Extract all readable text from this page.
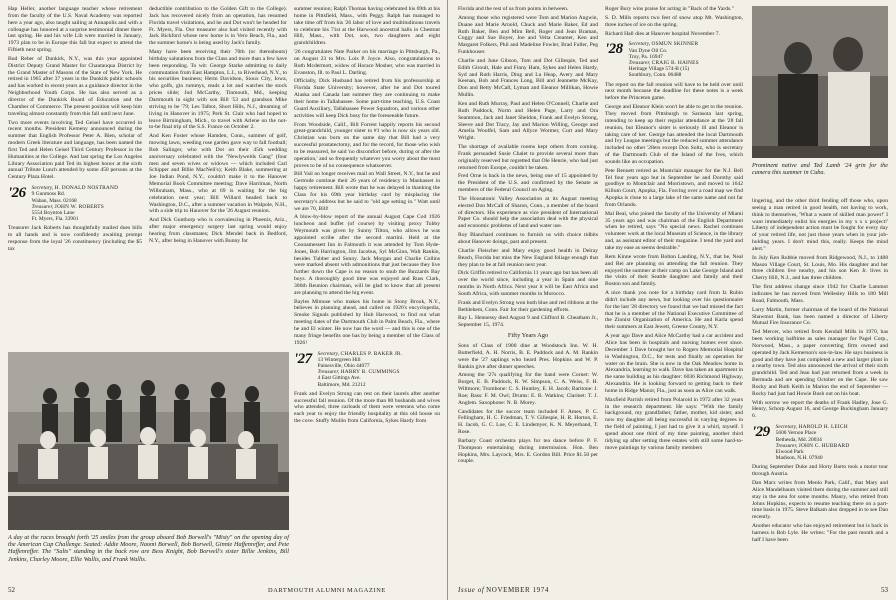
Hap Heller, another language teacher whose retirement from the faculty of the U.S. Naval Academy was reported here a year ago, also taught sailing at Annapolis and with a colleague has honored at a surprise testimonial dinner there last spring. He and his wife Lib were married in January, 1973 plan to be in Europe this fall but expect to attend the Fiftieth next spring.

Bud Reber of Dunkirk, N.Y., was this year appointed District Deputy Grand Master for Chautauqua District by the Grand Master of Masons of the State of New York. He retired in 1965 after 37 years in the Dunkirk public schools and has worked in recent years as a guidance director in the Neighborhood Youth Corps. He has also served as a director of the Dunkirk Board of Education and the Chamber of Commerce. The present position will keep him traveling almost constantly from this fall until next June.

Two more events involving Ted Geisel have occurred in recent months. President Kemeny announced during the summer that English Professor Peter A. Bien, scholar of modern Greek literature and language, has been named the first Ted and Helen Geisel Third Century Professor in the Humanities at the College. And last spring the Los Angeles Library Association paid Ted its highest honor at the sixth annual Tribute Lunch attended by some 450 persons at the Century Plaza Hotel.

'26 Secretary, H. DONALD NOSTRAND
9 Gunmoss Rd.
Waban, Mass. 02168
Treasurer, JOHN W. ROBERTS
5554 Boynton Lane
Ft. Myers, Fla. 33901

Treasurer Jack Roberts has thoughtfully mailed dues bills to all hands and is now confidently awaiting prompt response from the loyal '26 constituency (including the $5 tax

deductible contribution to the Golden Gift to the College). Jack has recovered nicely from an operation, has resumed Florida travel visitations, and he and Dot won't be headed for Ft. Myers, Fla. Our treasurer also had visited recently with Jack Bickford whose new home is in Vero Beach, Fla., and the summer home's is being used by Jack's family.

Many have been receiving their 70th (or thereabouts) birthday salutations from the Class and more than a few have been responding. To wit: George Starke admitting to daily commutation from East Hampton, L.I., to Riverhead, N.Y., to his securities business; Herm Davidson, Sioux City, Iowa, who golfs, gin rummys, reads a lot and watches the stock prices slide; Jud McCarthy, Tinmouth, Md., keeping Dartmouth in sight with son Bill '53 and grandson Mike striving to be '79; Les Talbot, Short Hills, N.J., dreaming of living in Hanover in 1975; Perk St. Clair who had hoped to leave Birmingham, Mich., to travel with Arlene on the not-to-be final trip of the S.S. France on October 2.

And Ken Foster whose Hamden, Conn., summer of golf, mowing lawn, weeding rose garden gave way to fall football; Bob Salinger, who with Dot on their 45th wedding anniversary celebrated with the "Newlywelds Gang" (four men and seven wives or widows — which included Carl Schipper and Billie MacNeil's); Keith Blake, summering at Joe Indian Pond, N.Y., couldn't make it to the Hanover Memorial Book Committee meeting; Dave Harriman, North Wilbraham, Mass., who at 69 is waiting for the big celebration next year; Bill Willard headed back to Washington, D.C., after a summer vacation in Walpole, N.H., with a side trip to Hanover for the '26 August reunion.

And Dick Gunthorp who is convalescing in Phoenix, Ariz., after major emergency surgery last spring would enjoy hearing from classmates; Dick Mendel back in Bedford, N.Y., after being in Hanover with Bunny for

summer reunion; Ralph Thomas having celebrated his 69th at his home in Pittsfield, Mass., with Peggy. Ralph has managed to take time off from his '26 labor of love and multitudinous travels to celebrate his 71st at the Harwood ancestral halls in Chestnut Hill, Mass., with Dot, son, two daughters and eight grandchildren.

'26 congratulates Nate Parker on his marriage in Pittsburgh, Pa., on August 23 to Mrs. Lois P. Joyce. Also, congratulations to Ruth Mcdermott, widow of Horace Mosher, who was married in Evanston, Ill. to Paul L. Darling.

Officially, Dick Husband has retired from his professorship at Florida State University; however, after he and Dot toured Alaska and Canada last summer they are continuing to make their home in Tallahassee. Some part-time teaching, U.S. Coast Guard Auxiliary, Tallahassee Power Squadron, and various other activities will keep Dick busy for the foreseeable future.

From Woodside, Calif., Bill Forrest happily reports his second great-grandchild, younger sister to #1 who is now six years old. Christian was born on the same day that Bill had a very successful prostatectomy, and for the record, for those who wish to be reassured, he said 'no discomfort before, during or after the operation,' and so frequently whatever you worry about the most proves to be of no consequence whatsoever.

Bill Vail no longer receives mail on Wall Street, N.Y., but he and Gertrude continue their 26 years of residency in Manhasset in happy retirement. Bill wrote that he was delayed in thanking the Class for his 69th year birthday card by misplacing the secretary's address but he said to "old age setting in." Watt until we are 70, Bill!

A blow-by-blow report of the annual August Cape Cod 1926 luncheon and buffet (of course) by visiting proxy Tubby Weymouth was given by Sunny Tilton, who allows he was appointed scribe after the second martini. Held at the Coonamessett Inn in Falmouth it was attended by Tom Hyde-Jones, Bob Harrington, Jim Jacobus, Syl McGinn, Walt Rankin, besides Tubber and Sunny. Jack Morgan and Charlie Collins were marked absent with admonitions that just because they live further down the Cape is no reason to snub the Buzzards Bay boys. A thoroughly good time was enjoyed and Russ Clark, 306th Reunion chairman, will be glad to know that all present are planning to attend the big event.

Bayles Mimuse who makes his home in Stony Brook, N.Y., believes in planning ahead, and called on 1926's encyclopedia, Smoke Signals published by Hub Harwood, to find out what meeting dates of the Dartmouth Club in Palm Beach, Fla., where he and El winter. He now has the word — and this is one of the many fringe benefits one has by being a member of the Class of 1926!

'27 Secretary, CHARLES P. BAKER JR.
13 Wintergreen Hill
Painesville, Ohio 44077
Treasurer, HARRY B. CUMMINGS
4 East Gittings Ave.
Baltimore, Md. 21212

Frank and Evelyn Strong can rest on their laurels after another successful fall reunion. Of the more than 80 husbands and wives who attended, three carloads of them were veterans who come each year to enjoy the friendly hospitality at this old house on the cove. Stuffy Mullin from California, Sykes Hardy from

A day at the races brought forth '25 smiles from the group aboard Bob Borwell's "Misty" on the opening day of the American Cup Challenge. Seated: Addie Moore, Naomi Borwell, Bob Borwell, Ginnie Haffenreffer, and Pete Haffenreffer. The "Salts" standing in the back row are Bess Knight, Bob Borwell's sister Billie Jenkins, Bill Jenkins, Charley Moore, Ellie Wallis, and Frank Wallis.
52	DARTMOUTH ALUMNI MAGAZINE

Florida and the rest of us from points in between.

Among those who registered were Tom and Marion Angwin, Duane and Marie Arnold, Chuck and Marie Baker, Ed and Ruth Baker, Ben and Mim Bell, Roger and Jean Braman, Coggy and Sue Boyer, Joe and Velta Creamer, Ken and Margaret Folkers, Phil and Madeline Fowler, Brad Fuller, Peg Funkhouser.

Charlie and June Gibson, Tom and Dot Gillespie, Ted and Edith Giroult, Hale and Finny Ham, Sykes and Helen Hardy, Syd and Ruth Harris, Ding and Lu Heap, Avery and Mary Keenan, Bob and Frances Long, Bill and Jeannette McKay, Don and Betty McCall, Lyman and Eleanor Millikan, Howie Mullin.

Ken and Ruth Murray, Paul and Helen O'Connell, Charlie and Ruth Paddock, Norm and Helen Page, Larry and Ora Seammon, Jack and Janet Sheldon, Frank and Evelyn Strong, Sleeve and Dot Tracy, Jay and Marion Willing, George and Amelia Woolfel, Sam and Allyce Wormer, Curt and Mary Wright.

The shortage of available rooms kept others from coming. Frank persuaded Susie Chalet to provide several more than originally reserved but regretted that Ole Henrie, who had just returned from Europe, couldn't be taken.

Fred Orne is back in the news, being one of 15 appointed by the President of the U.S. and confirmed by the Senate as members of the Federal Council on Aging.

The Housatonic Valley Association at its August meeting elected Don McCall of Sharon, Conn., a member of the board of directors. His experience as vice president of International Paper Co. should help the association deal with the physical and economic problems of land and water use.

Roy Blanchard continues to furnish us with choice tidbits about Hanover doings, past and present.

Charlie Fleischer and Mary enjoy good health in Delray Beach, Florida but miss the New England foliage enough that they plan to be at fall reunion next year.

Dick Griffin retired to California 11 years ago but has been all over the world since, including a year in Spain and nine months in North Africa. Next year it will be East Africa and South Africa, with summer months in Morocco.

Frank and Evelyn Strong won both blue and red ribbons at the Bethlehem, Conn. Fair for their gardening efforts.

Ray L. Hennessy died August 9 and Clifford B. Cheatham Jr., September 15, 1974.

Fifty Years Ago

Sons of Class of 1900 dine at Woodstock Inn. W. H. Butterfield, A. H. Norris, B. E. Paddock and A. M. Rankin were the '27 saplings who heard Pres. Hopkins and W. P. Rankin give after dinner speeches.

Among the '27s qualifying for the band were Cornet: W. Burget, E. B. Paddock, R. W. Simpson, C. A. Weiss, F. H. Wiltmore; Trombone: C. S. Huntley, E. H. Jacob; Baritone: J. Roe; Bass: F. M. Owl; Drums: E. B. Watkins; Clarinet: T. J. Anglem. Saxophone: N. B. Morey.

Candidates for the soccer team included F. Ames, P. C. Fellingham, H. C. Friedman, T. V. Gillespie, H. R. Horton, E. H. Jacob, G. C. Loe, C. E. Lindemyer, K. N. Meyerhand, T. Rose.

Barbary Coast orchestra plays for tea dance before P. F. Thompson entertaining during intermission. Hon. Ben Hopkins, Mrs. Laycock, Mrs. E. Gordon Bill. Price $1.50 per couple.

Roger Bury wins praise for acting in "Back of the Yards."

S. D. Mills reports two feet of snow atop Mt. Washington, three inches of ice on the spring.

Richard Hall dies at Hanover hospital November 7.

'28 Secretary, OSMUN SKINNER
Van Dyne Oil Co.
Troy, Pa. 16947
Treasurer, CRAIG B. HAINES
Heritage Village 574-B (15)
Southbury, Conn. 06488

The report on the fall reunion will have to be held over until next month because the deadline for these notes is a week before the Princeton game.

George and Eleanor Klein won't be able to get to the reunion. They moved from Pittsburgh to Sarasota last spring, intending to keep up their regular attendance at the '28 fall reunion, but Eleanor's sister is seriously ill and Eleanor is taking care of her. George has attended the local Dartmouth and Ivy League meetings but the reduced summer attendance included no other '28ers except Don Soltz, who is secretary of the Dartmouth Club of the Island of the Ives, which sounds like an occupation.

Pete Bennett retired as Montclair manager for the N.J. Bell Tel four years ago but in September he and Dorothy said goodbye to Montclair and Morristown, and moved to 1642 Killum Court, Apopka, Fla. Forcing over a road map we find Apopka is close to a large lake of the same name and not far from Orlando.

Mal Beal, who joined the faculty of the University of Miami 35 years ago and was chairman of the English Department when he retired, says "No special news. Rachel continues volunteer work at the local Museum of Science, in the library and, as assistant editor of their magazine. I tend the yard and take my ease as seems desirable."

Rem Kinne wrote from Bolton Landing, N.Y., that he, Neal and Rei are planning on attending the fall reunion. They enjoyed the summer at their camp on Lake George Island and the visits of their Seattle daughter and family and their Boston son and family.

A nice thank you note for a birthday card from Iz Rubin didn't include any news, but looking over his questionnaire for the last '28 directory we found that we had missed the fact that he is a member of the National Executive Committee of the Zionist Organization of America. He and Karla spend their summers at East Jewett, Greene County, N.Y.

A year ago Dave and Alice McCarthy had a car accident and Alice has been in hospitals and nursing homes ever since. December 1 Dave brought her to Rogers Memorial Hospital in Washington, D.C., for tests and finally an operation for water on the brain. She is now in the Oak Meadow home in Alexandria, learning to walk. Dave has taken an apartment in the same building as his daughter: 6036 Richmond Highway, Alexandria. He is looking forward to getting back to their home in Ridge Manor, Fla., just as soon as Alice can walk.

Maxfield Parrish retired from Polaroid in 1972 after 32 years in the research department. He says: "With the family background, my grandfather, father, mother, kid sister, and now my daughter all being successful in varying degrees in the field of painting, I just had to give it a whirl, myself. I spend about one third of my time painting, another third tidying up after setting three estates with still some hard-to-move paintings by various family members

Prominent native and Ted Lamb '24 grin for the camera this summer in Cuba.

lingering, and the other third fending off those who, upon seeing a man retired in good health, not having to work, think to themselves, 'What a waste of skilled man power!' I want immediately enlist his energies in my x x x project!' Liberty of independent action must be fought for every day of your retired life, not just those years when in your job-holding years. I don't mind this, really. Keeps the mind alert."

In July Ken Robbie moved from Ridgewood, N.J., to 1488 Mason Village Court, St. Louis, Mo. His daughter and her three children live nearby, and his son Ken Jr. lives in Cherry Hill, N.J., and has three children.

The first address change since 1942 for Charlie Lammot indicates he has moved from Wellesley Hills to 180 Mill Road, Falmouth, Mass.

Larry Martin, former chairman of the board of the National Shawmut Bank, has been named a director of Liberty Mutual Fire Insurance Co.

Ted Mercer, who retired from Kendall Mills in 1970, has been working halftime as sales manager for Pagel Corp., Norwood, Mass., a paper converting firm owned and operated by Jack Kemerson's son-in-law. He says business is good and they have just completed a new and larger plant in a nearby town. Ted also announced the arrival of their sixth grandchild. Ted and Jean had just returned from a week in Bermuda and are spending October on the Cape. He saw Rocky and Ruth Keith in Marion the end of September — Rocky had just had Howie Bush out on his boat.

With sorrow we report the deaths of Frank Hadley, Jose G. Henry, Schorp August 16, and George Buckingham January 6.

'29 Secretary, HAROLD H. LEICH
5606 Vernon Place
Bethesda, Md. 20034
Treasurer, JOHN C. HUBBARD
Elwood Park
Madison, N.H. 07940

During September Duke and Horty Barto took a motor tour through Austria.

Dan Marx writes from Menlo Park, Calif., that Mary and Alice Mandelbaum visited them during the summer and still stay in the area for some months. Maury, who retired from Johns Hopkins, expects to resume teaching there on a part-time basis in 1975. Steve Balkam also dropped in to see Dan recently.

Another educator who has enjoyed retirement but is back in harness is Bob Lyle. He writes: "For the past month and a half I have been

Issue of NOVEMBER 1974	53
